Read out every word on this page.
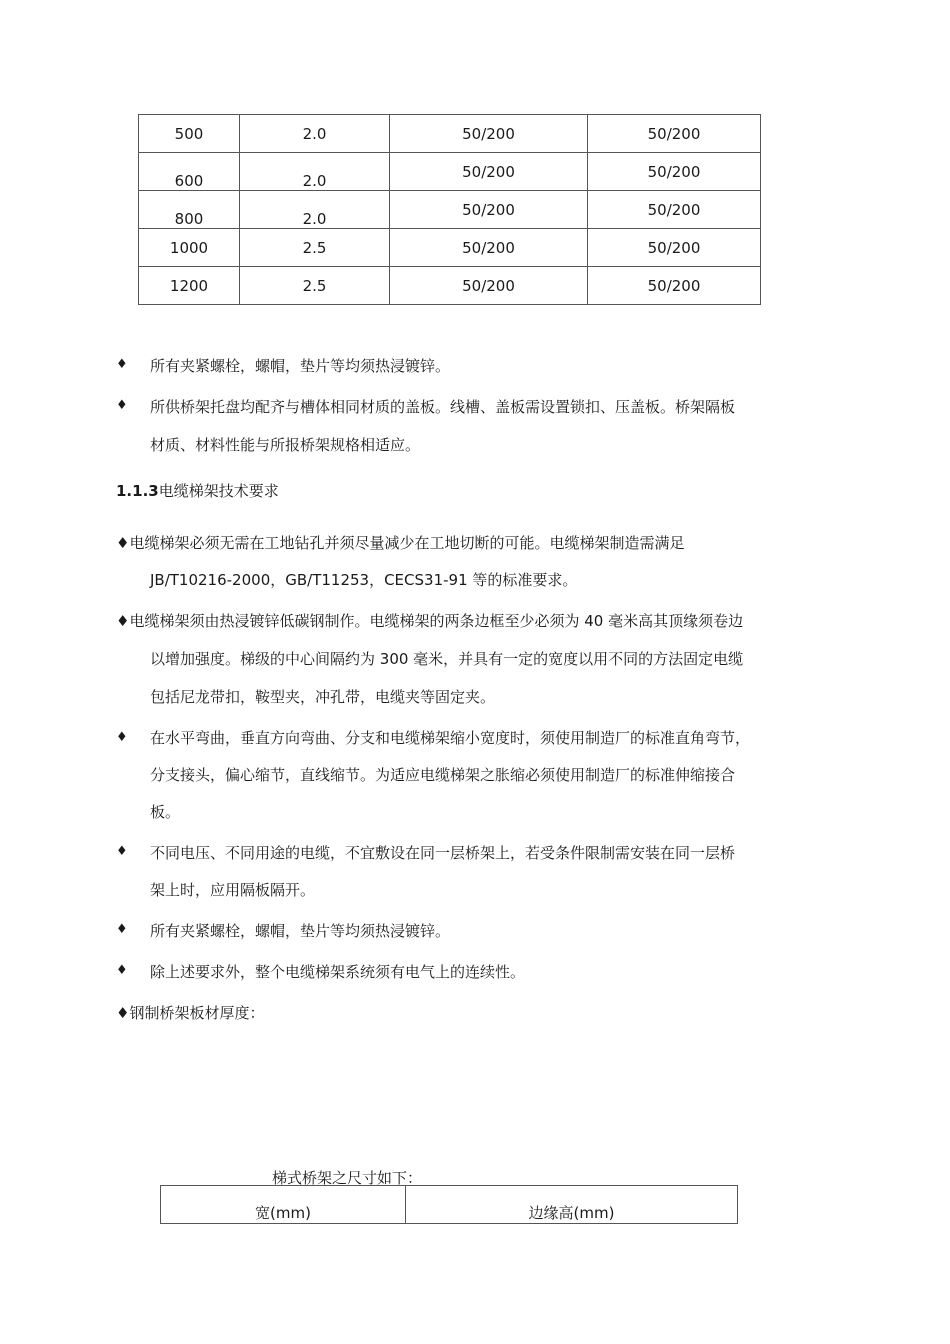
500	2.0	50/200	50/200
600	2.0	50/200	50/200
800	2.0	50/200	50/200
1000	2.5	50/200	50/200
1200	2.5	50/200	50/200
♦ 所有夹紧螺栓，螺帽，垫片等均须热浸镀锌。
♦ 所供桥架托盘均配齐与槽体相同材质的盖板。线槽、盖板需设置锁扣、压盖板。桥架隔板
材质、材料性能与所报桥架规格相适应。
1.1.3电缆梯架技术要求
♦电缆梯架必须无需在工地钻孔并须尽量减少在工地切断的可能。电缆梯架制造需满足
JB/T10216-2000，GB/T11253，CECS31-91 等的标准要求。
♦电缆梯架须由热浸镀锌低碳钢制作。电缆梯架的两条边框至少必须为 40 毫米高其顶缘须卷边
以增加强度。梯级的中心间隔约为 300 毫米，并具有一定的宽度以用不同的方法固定电缆
包括尼龙带扣，鞍型夹，冲孔带，电缆夹等固定夹。
♦ 在水平弯曲，垂直方向弯曲、分支和电缆梯架缩小宽度时，须使用制造厂的标准直角弯节，
分支接头，偏心缩节，直线缩节。为适应电缆梯架之胀缩必须使用制造厂的标准伸缩接合
板。
♦ 不同电压、不同用途的电缆，不宜敷设在同一层桥架上，若受条件限制需安装在同一层桥
架上时，应用隔板隔开。
♦ 所有夹紧螺栓，螺帽，垫片等均须热浸镀锌。
♦ 除上述要求外，整个电缆梯架系统须有电气上的连续性。
♦钢制桥架板材厚度：
梯式桥架之尺寸如下：
宽(mm)	边缘高(mm)
